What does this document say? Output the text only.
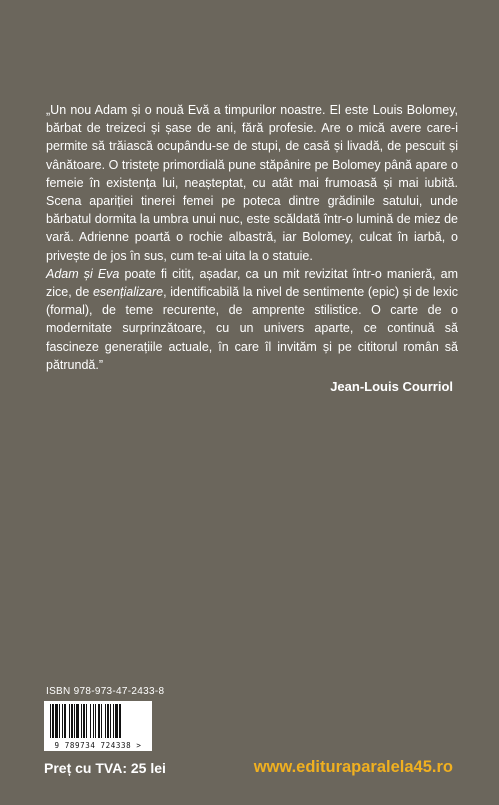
„Un nou Adam și o nouă Evă a timpurilor noastre. El este Louis Bolomey, bărbat de treizeci și șase de ani, fără profesie. Are o mică avere care-i permite să trăiască ocupându-se de stupi, de casă și livadă, de pescuit și vânătoare. O tristețe primordială pune stăpânire pe Bolomey până apare o femeie în existența lui, neașteptat, cu atât mai frumoasă și mai iubită. Scena apariției tinerei femei pe poteca dintre grădinile satului, unde bărbatul dormita la umbra unui nuc, este scăldată într-o lumină de miez de vară. Adrienne poartă o rochie albastră, iar Bolomey, culcat în iarbă, o privește de jos în sus, cum te-ai uita la o statuie.

Adam și Eva poate fi citit, așadar, ca un mit revizitat într-o manieră, am zice, de esențializare, identificabilă la nivel de sentimente (epic) și de lexic (formal), de teme recurente, de amprente stilistice. O carte de o modernitate surprinzătoare, cu un univers aparte, ce continuă să fascineze generațiile actuale, în care îl invităm și pe cititorul român să pătrundă.”

Jean-Louis Courriol
ISBN 978-973-47-2433-8
9 789734 724338 >
Preț cu TVA: 25 lei	www.edituraparalela45.ro
